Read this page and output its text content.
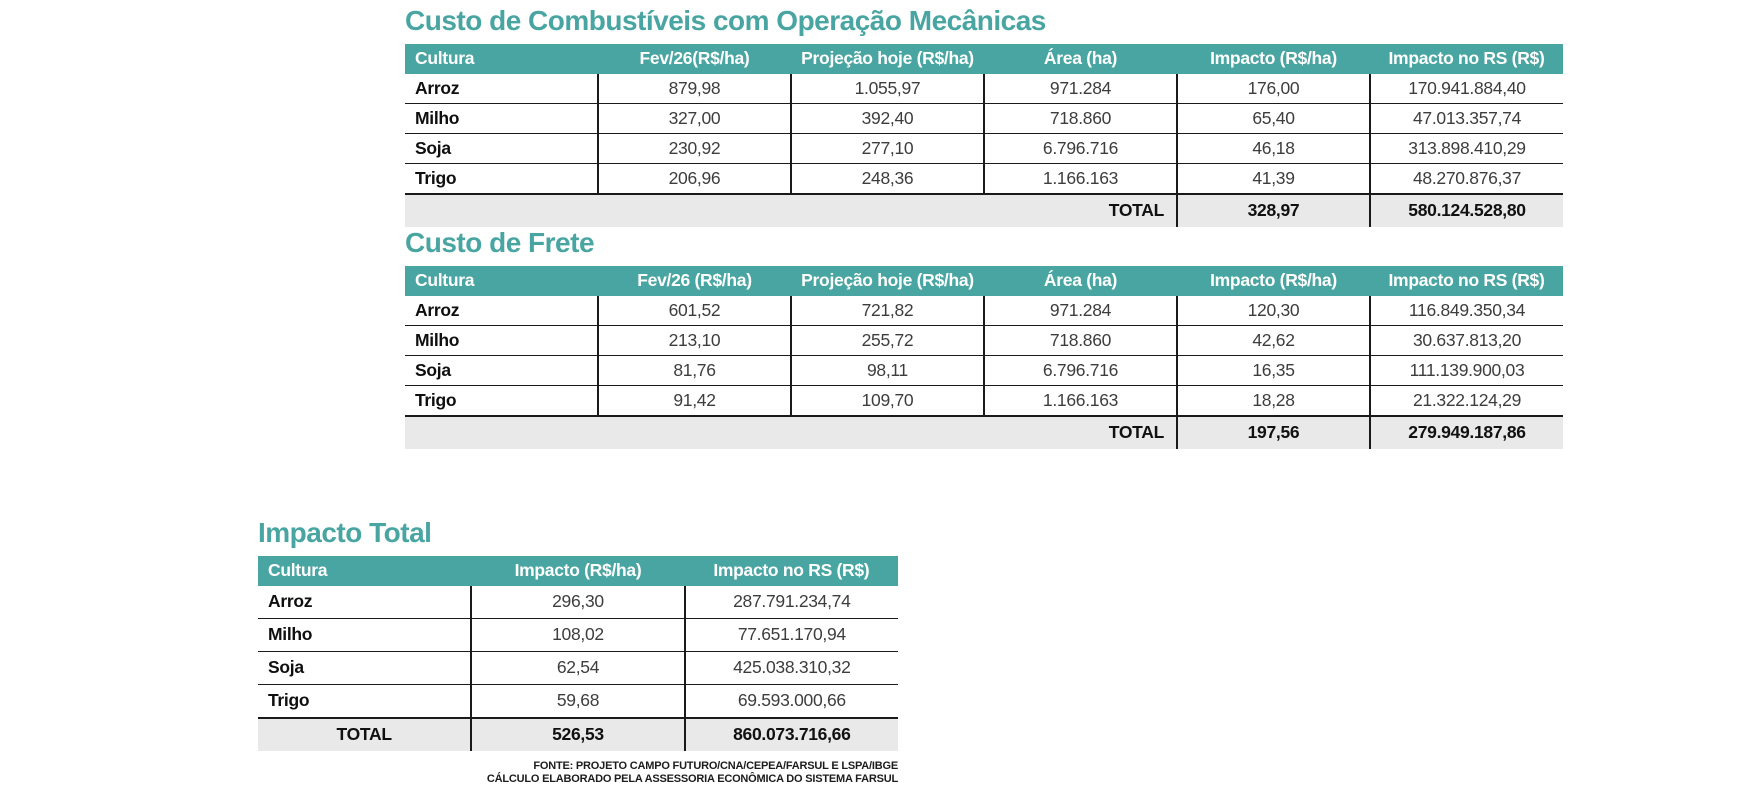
Custo de Combustíveis com Operação Mecânicas
Cultura	Fev/26(R$/ha)	Projeção hoje (R$/ha)	Área (ha)	Impacto (R$/ha)	Impacto no RS (R$)
Arroz	879,98	1.055,97	971.284	176,00	170.941.884,40
Milho	327,00	392,40	718.860	65,40	47.013.357,74
Soja	230,92	277,10	6.796.716	46,18	313.898.410,29
Trigo	206,96	248,36	1.166.163	41,39	48.270.876,37
TOTAL				328,97	580.124.528,80
Custo de Frete
Cultura	Fev/26 (R$/ha)	Projeção hoje (R$/ha)	Área (ha)	Impacto (R$/ha)	Impacto no RS (R$)
Arroz	601,52	721,82	971.284	120,30	116.849.350,34
Milho	213,10	255,72	718.860	42,62	30.637.813,20
Soja	81,76	98,11	6.796.716	16,35	111.139.900,03
Trigo	91,42	109,70	1.166.163	18,28	21.322.124,29
TOTAL				197,56	279.949.187,86
Impacto Total
Cultura	Impacto (R$/ha)	Impacto no RS (R$)
Arroz	296,30	287.791.234,74
Milho	108,02	77.651.170,94
Soja	62,54	425.038.310,32
Trigo	59,68	69.593.000,66
TOTAL	526,53	860.073.716,66
FONTE: PROJETO CAMPO FUTURO/CNA/CEPEA/FARSUL E LSPA/IBGE
CÁLCULO ELABORADO PELA ASSESSORIA ECONÔMICA DO SISTEMA FARSUL
